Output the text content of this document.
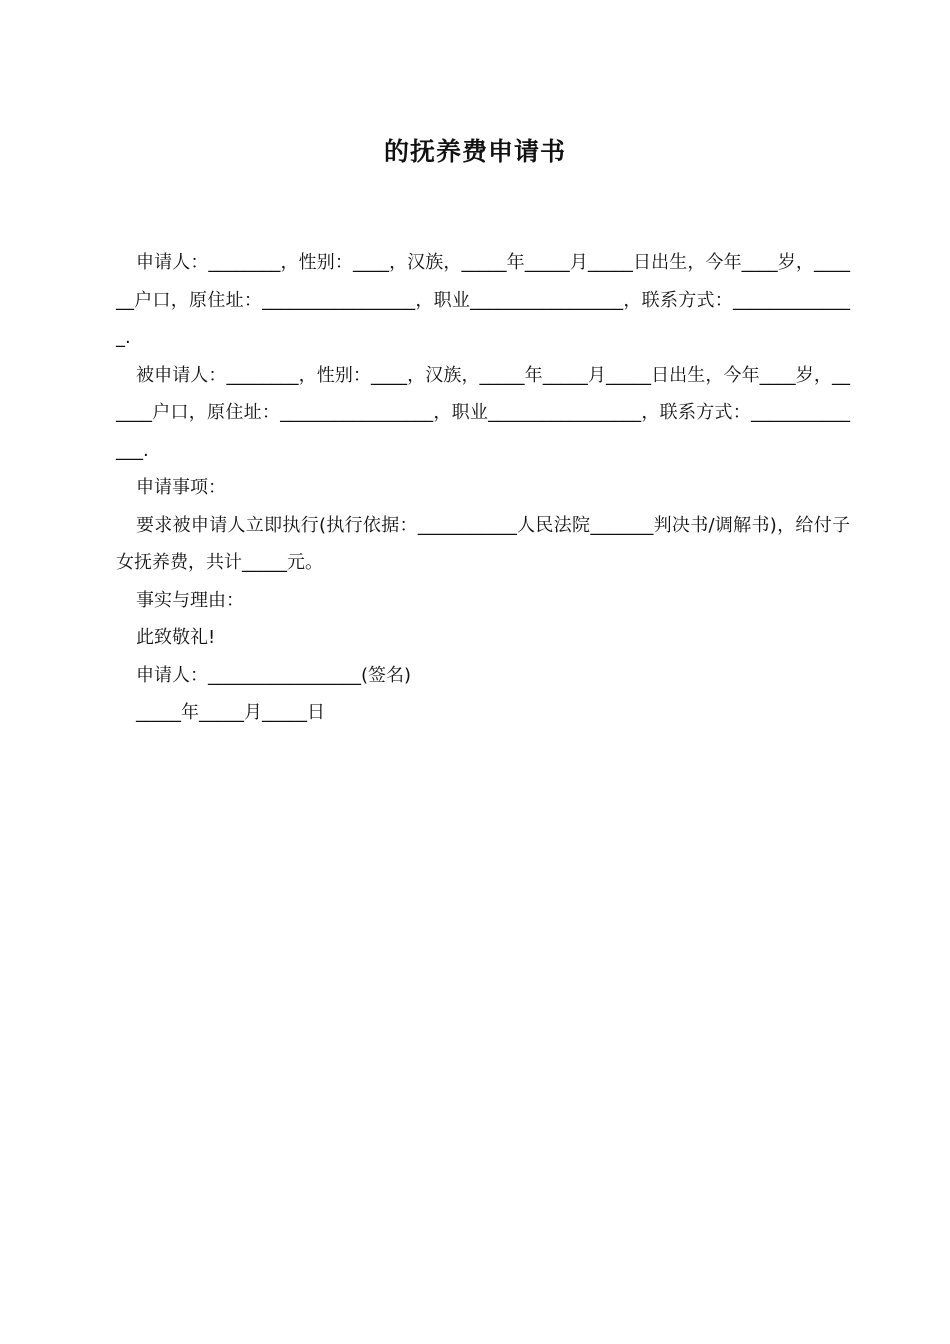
的抚养费申请书

申请人：________，性别：____，汉族，_____年_____月_____日出生，今年____岁，______户口，原住址：_________________，职业_________________，联系方式：______________.

被申请人：________，性别：____，汉族，_____年_____月_____日出生，今年____岁，______户口，原住址：_________________，职业_________________，联系方式：______________.

申请事项：

要求被申请人立即执行(执行依据：___________人民法院_______判决书/调解书)，给付子女抚养费，共计_____元。

事实与理由：

此致敬礼!

申请人：_________________(签名)

_____年_____月_____日
